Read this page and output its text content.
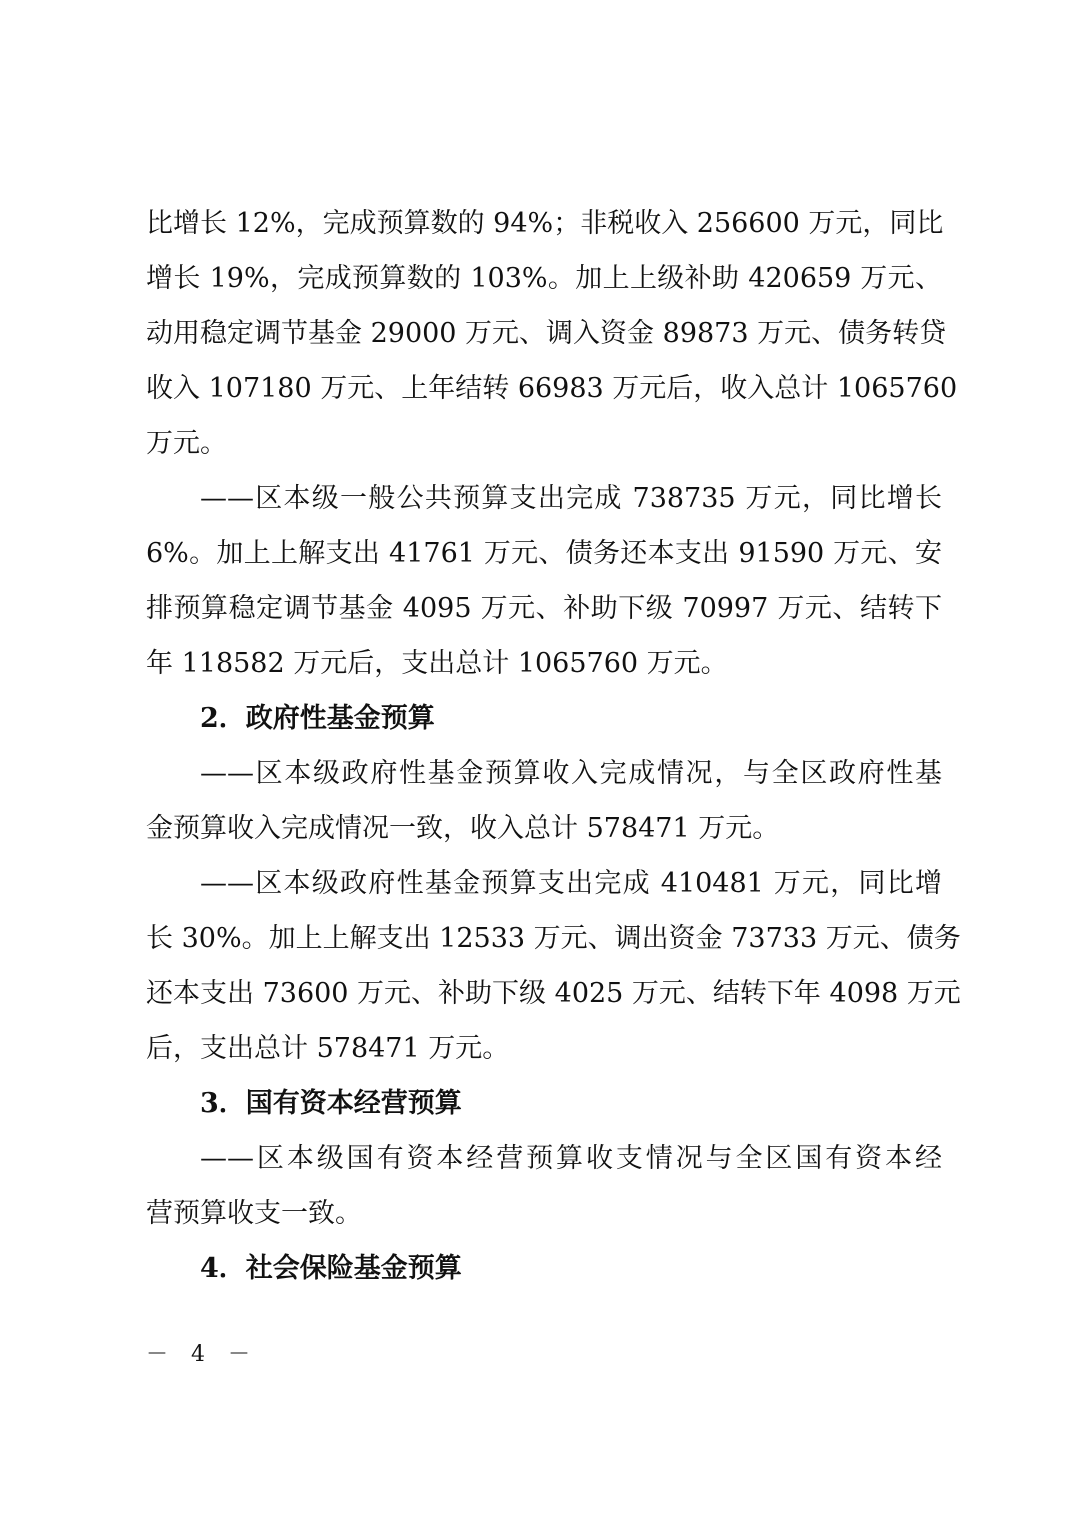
比增长 12%，完成预算数的 94%；非税收入 256600 万元，同比
增长 19%，完成预算数的 103%。加上上级补助 420659 万元、
动用稳定调节基金 29000 万元、调入资金 89873 万元、债务转贷
收入 107180 万元、上年结转 66983 万元后，收入总计 1065760
万元。
——区本级一般公共预算支出完成 738735 万元，同比增长
6%。加上上解支出 41761 万元、债务还本支出 91590 万元、安
排预算稳定调节基金 4095 万元、补助下级 70997 万元、结转下
年 118582 万元后，支出总计 1065760 万元。
2．政府性基金预算
——区本级政府性基金预算收入完成情况，与全区政府性基
金预算收入完成情况一致，收入总计 578471 万元。
——区本级政府性基金预算支出完成 410481 万元，同比增
长 30%。加上上解支出 12533 万元、调出资金 73733 万元、债务
还本支出 73600 万元、补助下级 4025 万元、结转下年 4098 万元
后，支出总计 578471 万元。
3．国有资本经营预算
——区本级国有资本经营预算收支情况与全区国有资本经
营预算收支一致。
4．社会保险基金预算
－ 4 －
